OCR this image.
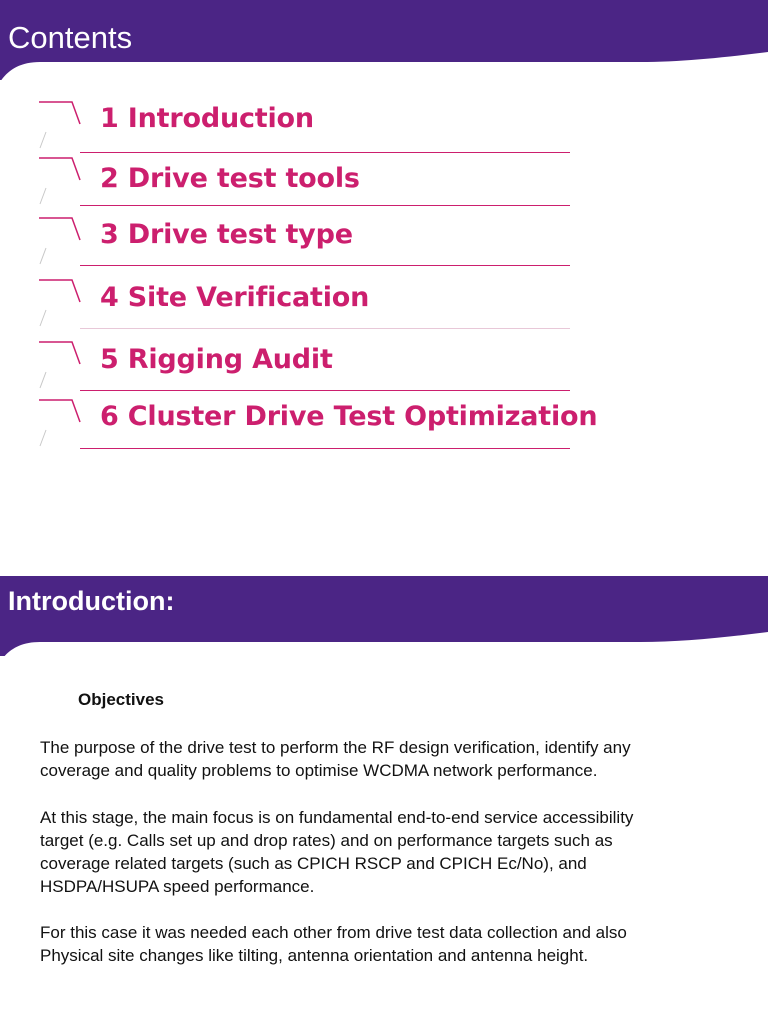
Contents
1 Introduction
2 Drive test tools
3 Drive test type
4 Site Verification
5 Rigging Audit
6 Cluster Drive Test Optimization
Introduction:
Objectives

The purpose of the drive test to perform the RF design verification, identify any
coverage and quality problems to optimise WCDMA network performance.

At this stage, the main focus is on fundamental end-to-end service accessibility
target (e.g. Calls set up and drop rates) and on performance targets such as
coverage related targets (such as CPICH RSCP and CPICH Ec/No), and
HSDPA/HSUPA speed performance.

For this case it was needed each other from drive test data collection and also
Physical site changes like tilting, antenna orientation and antenna height.
